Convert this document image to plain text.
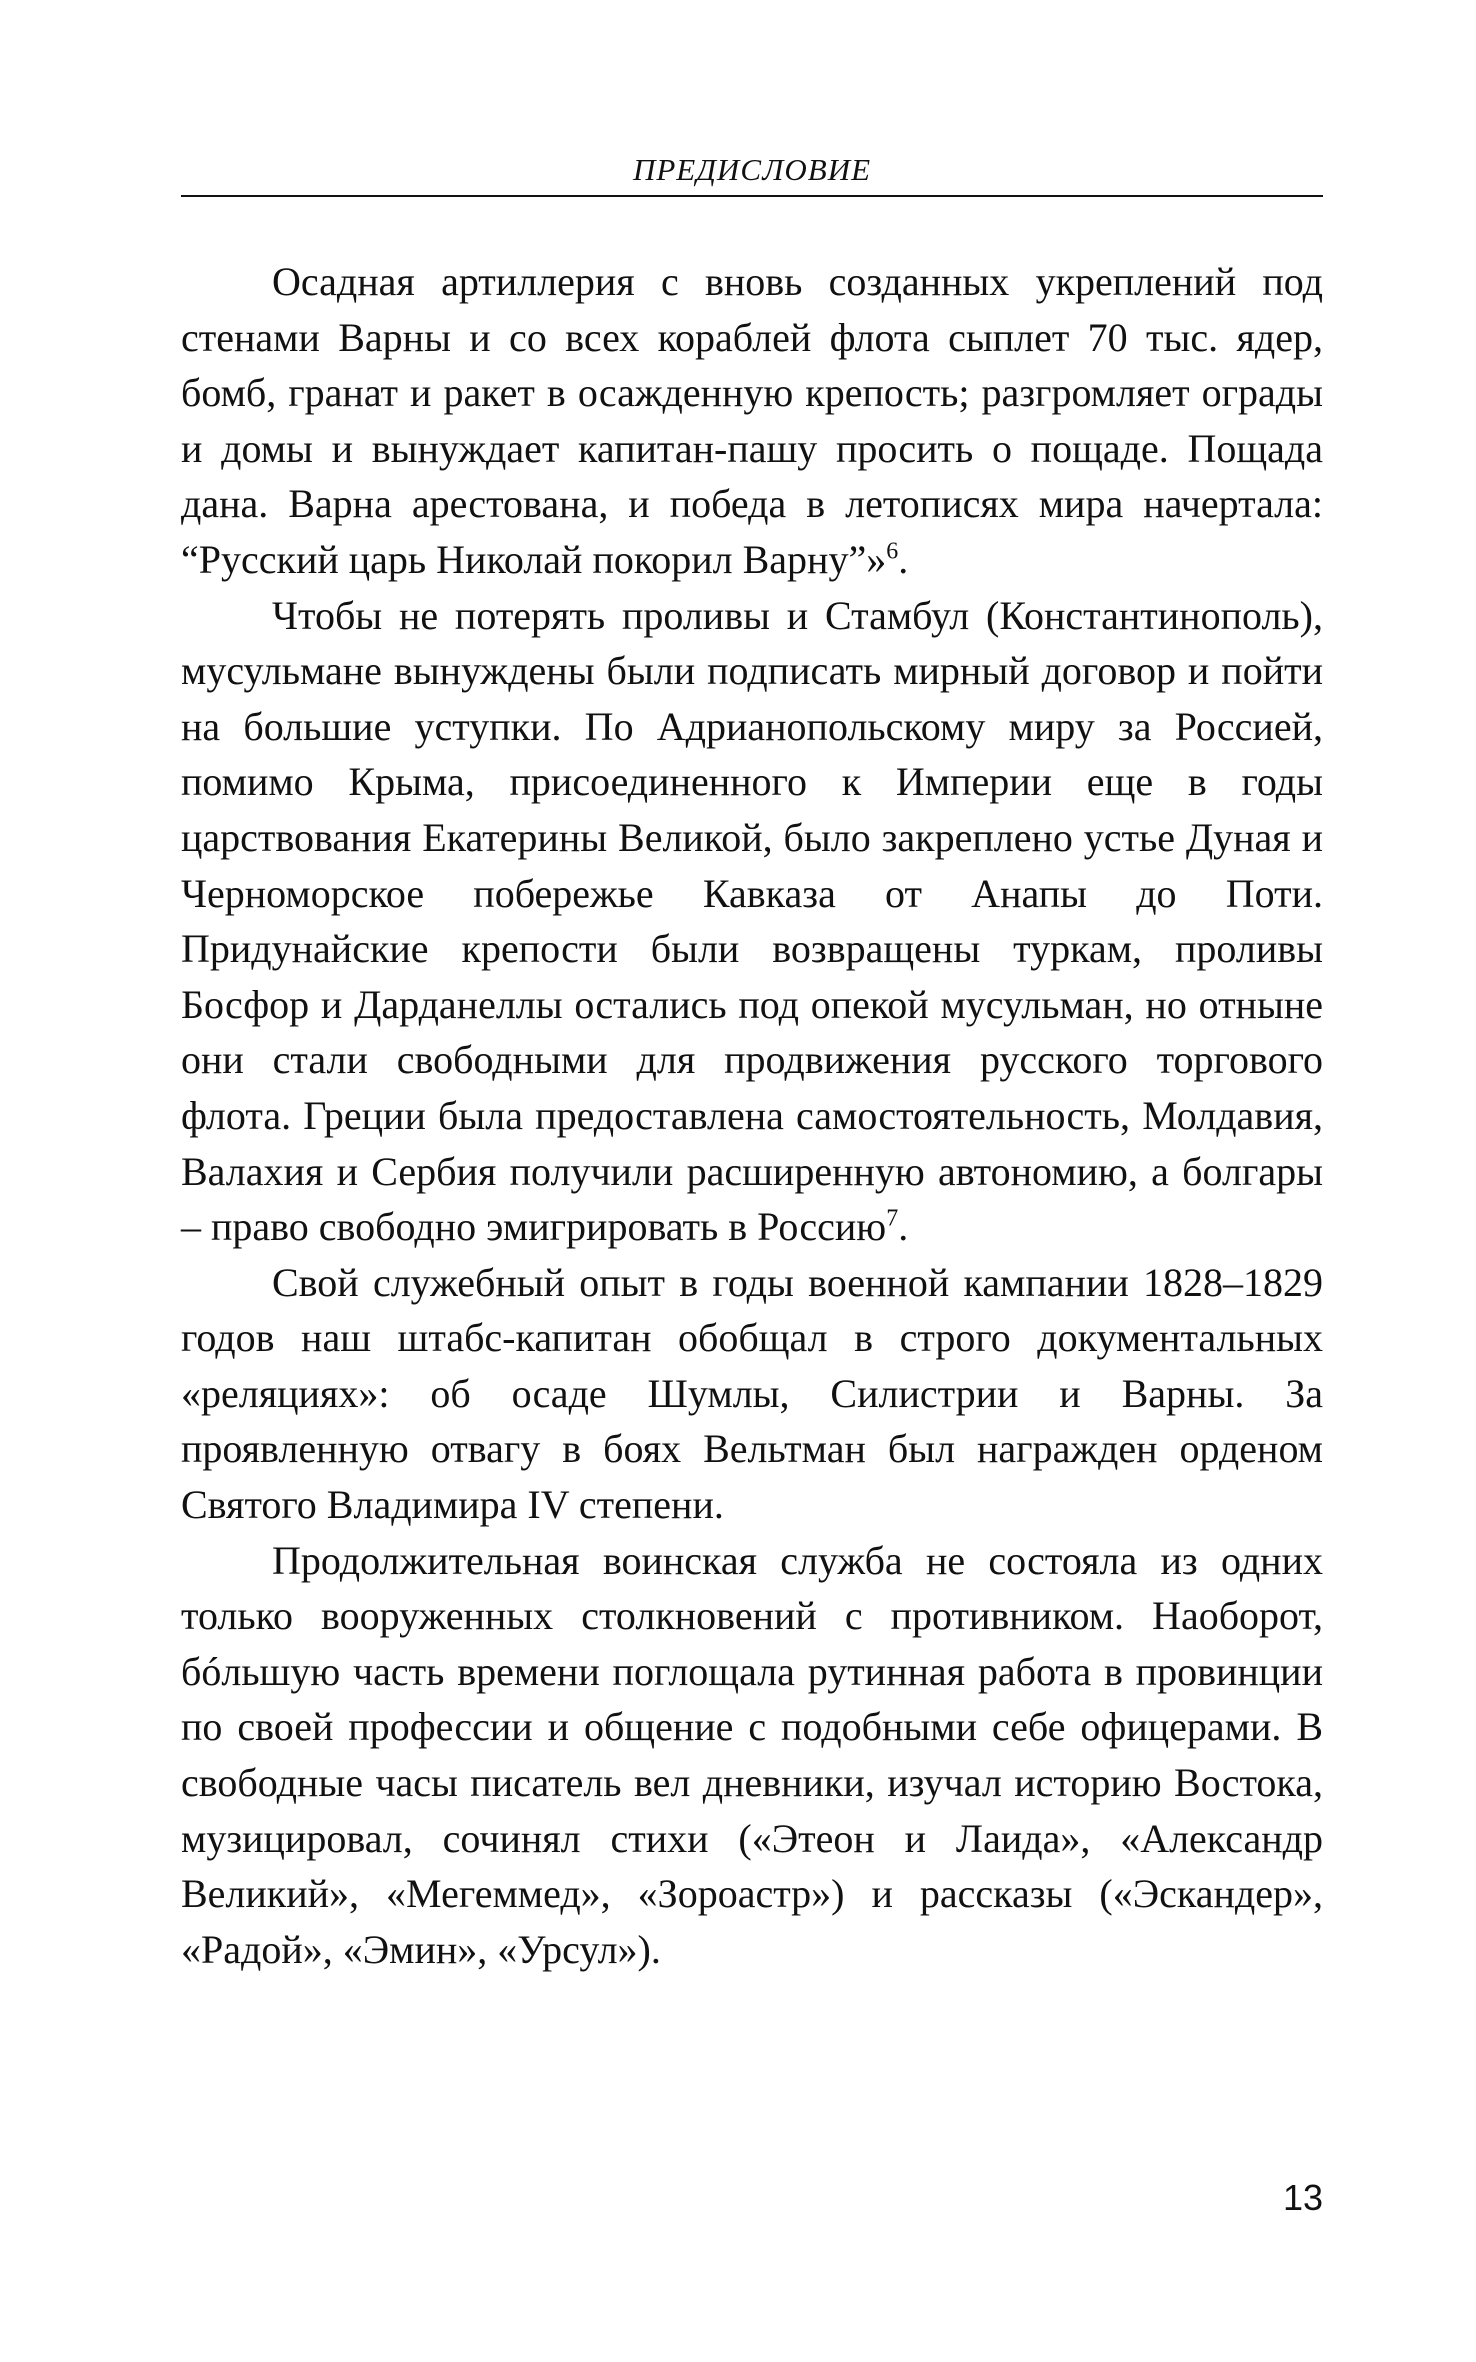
ПРЕДИСЛОВИЕ

Осадная артиллерия с вновь созданных укреплений под стенами Варны и со всех кораблей флота сыплет 70 тыс. ядер, бомб, гранат и ракет в осажденную крепость; разгромляет ограды и домы и вынуждает капитан-пашу просить о пощаде. Пощада дана. Варна арестована, и победа в летописях мира начертала: “Русский царь Николай покорил Варну”»$^6$.

Чтобы не потерять проливы и Стамбул (Константинополь), мусульмане вынуждены были подписать мирный договор и пойти на большие уступки. По Адрианопольскому миру за Россией, помимо Крыма, присоединенного к Империи еще в годы царствования Екатерины Великой, было закреплено устье Дуная и Черноморское побережье Кавказа от Анапы до Поти. Придунайские крепости были возвращены туркам, проливы Босфор и Дарданеллы остались под опекой мусульман, но отныне они стали свободными для продвижения русского торгового флота. Греции была предоставлена самостоятельность, Молдавия, Валахия и Сербия получили расширенную автономию, а болгары – право свободно эмигрировать в Россию$^7$.

Свой служебный опыт в годы военной кампании 1828–1829 годов наш штабс-капитан обобщал в строго документальных «реляциях»: об осаде Шумлы, Силистрии и Варны. За проявленную отвагу в боях Вельтман был награжден орденом Святого Владимира IV степени.

Продолжительная воинская служба не состояла из одних только вооруженных столкновений с противником. Наоборот, бóльшую часть времени поглощала рутинная работа в провинции по своей профессии и общение с подобными себе офицерами. В свободные часы писатель вел дневники, изучал историю Востока, музицировал, сочинял стихи («Этеон и Лаида», «Александр Великий», «Мегеммед», «Зороастр») и рассказы («Эскандер», «Радой», «Эмин», «Урсул»).

13
